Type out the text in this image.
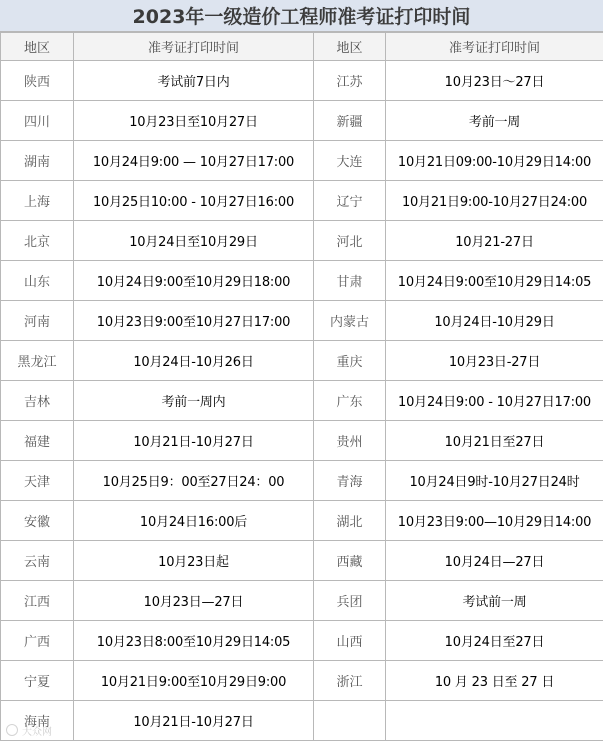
2023年一级造价工程师准考证打印时间
地区	准考证打印时间	地区	准考证打印时间
陕西	考试前7日内	江苏	10月23日～27日
四川	10月23日至10月27日	新疆	考前一周
湖南	10月24日9:00 — 10月27日17:00	大连	10月21日09:00-10月29日14:00
上海	10月25日10:00 - 10月27日16:00	辽宁	10月21日9:00-10月27日24:00
北京	10月24日至10月29日	河北	10月21-27日
山东	10月24日9:00至10月29日18:00	甘肃	10月24日9:00至10月29日14:05
河南	10月23日9:00至10月27日17:00	内蒙古	10月24日-10月29日
黑龙江	10月24日-10月26日	重庆	10月23日-27日
吉林	考前一周内	广东	10月24日9:00 - 10月27日17:00
福建	10月21日-10月27日	贵州	10月21日至27日
天津	10月25日9：00至27日24：00	青海	10月24日9时-10月27日24时
安徽	10月24日16:00后	湖北	10月23日9:00—10月29日14:00
云南	10月23日起	西藏	10月24日—27日
江西	10月23日—27日	兵团	考试前一周
广西	10月23日8:00至10月29日14:05	山西	10月24日至27日
宁夏	10月21日9:00至10月29日9:00	浙江	10 月 23 日至 27 日
海南	10月21日-10月27日		
大众网
